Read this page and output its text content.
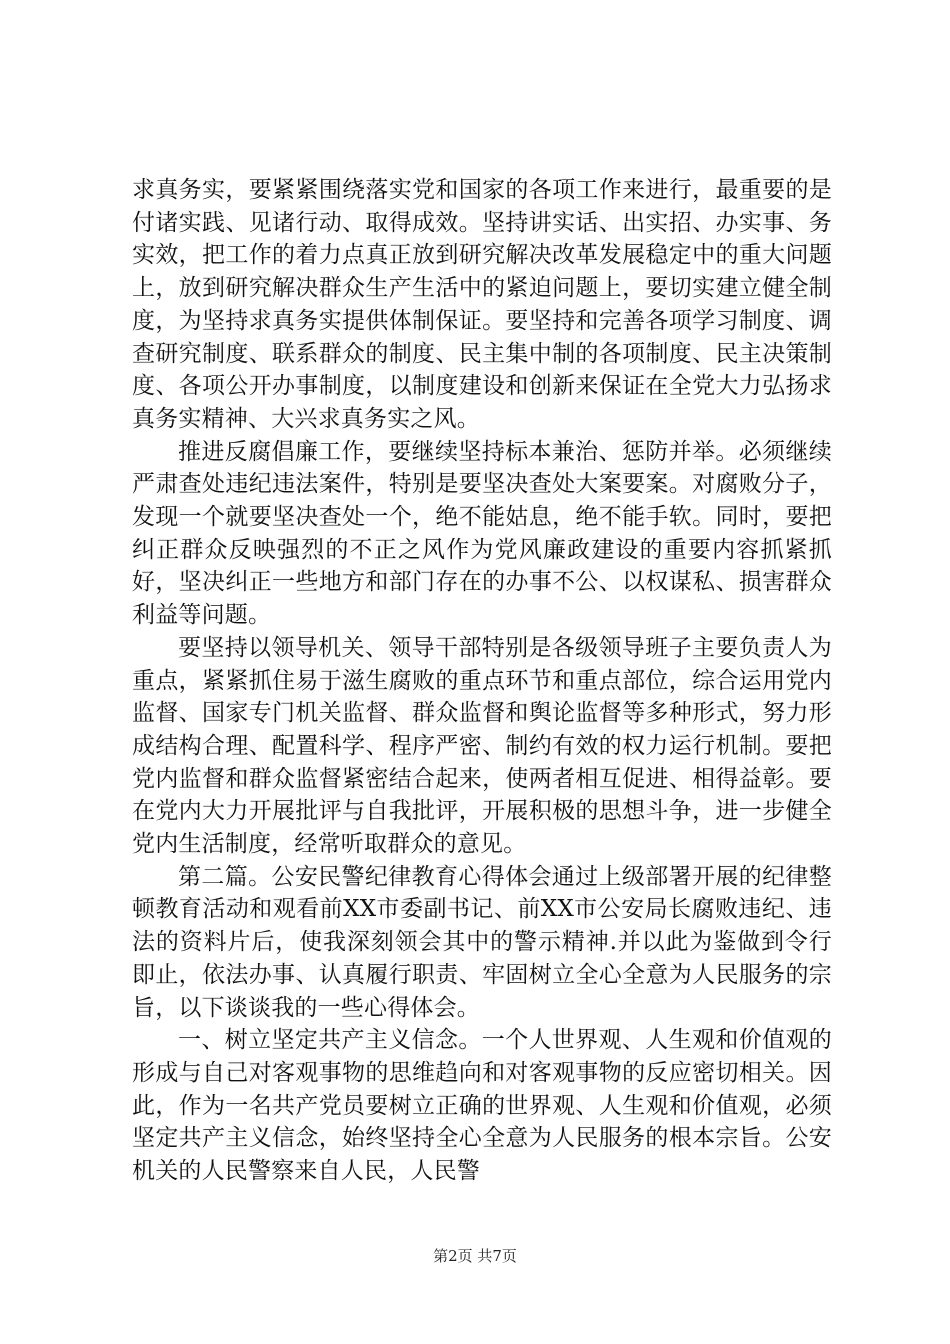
求真务实，要紧紧围绕落实党和国家的各项工作来进行，最重要的是付诸实践、见诸行动、取得成效。坚持讲实话、出实招、办实事、务实效，把工作的着力点真正放到研究解决改革发展稳定中的重大问题上，放到研究解决群众生产生活中的紧迫问题上，要切实建立健全制度，为坚持求真务实提供体制保证。要坚持和完善各项学习制度、调查研究制度、联系群众的制度、民主集中制的各项制度、民主决策制度、各项公开办事制度，以制度建设和创新来保证在全党大力弘扬求真务实精神、大兴求真务实之风。

推进反腐倡廉工作，要继续坚持标本兼治、惩防并举。必须继续严肃查处违纪违法案件，特别是要坚决查处大案要案。对腐败分子，发现一个就要坚决查处一个，绝不能姑息，绝不能手软。同时，要把纠正群众反映强烈的不正之风作为党风廉政建设的重要内容抓紧抓好，坚决纠正一些地方和部门存在的办事不公、以权谋私、损害群众利益等问题。

要坚持以领导机关、领导干部特别是各级领导班子主要负责人为重点，紧紧抓住易于滋生腐败的重点环节和重点部位，综合运用党内监督、国家专门机关监督、群众监督和舆论监督等多种形式，努力形成结构合理、配置科学、程序严密、制约有效的权力运行机制。要把党内监督和群众监督紧密结合起来，使两者相互促进、相得益彰。要在党内大力开展批评与自我批评，开展积极的思想斗争，进一步健全党内生活制度，经常听取群众的意见。

第二篇。公安民警纪律教育心得体会通过上级部署开展的纪律整顿教育活动和观看前XX市委副书记、前XX市公安局长腐败违纪、违法的资料片后，使我深刻领会其中的警示精神.并以此为鉴做到令行即止，依法办事、认真履行职责、牢固树立全心全意为人民服务的宗旨，以下谈谈我的一些心得体会。

一、树立坚定共产主义信念。一个人世界观、人生观和价值观的形成与自己对客观事物的思维趋向和对客观事物的反应密切相关。因此，作为一名共产党员要树立正确的世界观、人生观和价值观，必须坚定共产主义信念，始终坚持全心全意为人民服务的根本宗旨。公安机关的人民警察来自人民，人民警

第2页 共7页
